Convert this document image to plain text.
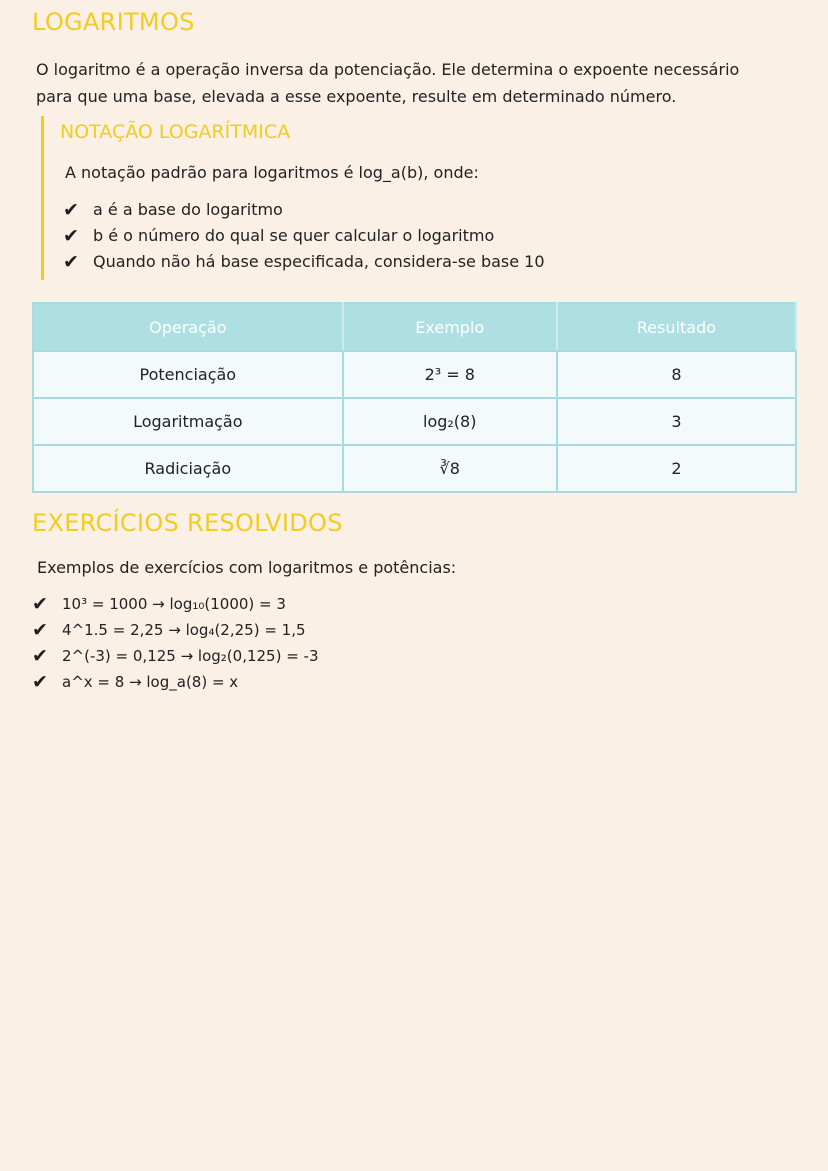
LOGARITMOS
O logaritmo é a operação inversa da potenciação. Ele determina o expoente necessário para que uma base, elevada a esse expoente, resulte em determinado número.
NOTAÇÃO LOGARÍTMICA
A notação padrão para logaritmos é log_a(b), onde:
✔ a é a base do logaritmo
✔ b é o número do qual se quer calcular o logaritmo
✔ Quando não há base especificada, considera-se base 10
Operação	Exemplo	Resultado
Potenciação	2³ = 8	8
Logaritmação	log₂(8)	3
Radiciação	∛8	2
EXERCÍCIOS RESOLVIDOS
Exemplos de exercícios com logaritmos e potências:
✔ 10³ = 1000 → log₁₀(1000) = 3
✔ 4^1.5 = 2,25 → log₄(2,25) = 1,5
✔ 2^(-3) = 0,125 → log₂(0,125) = -3
✔ a^x = 8 → log_a(8) = x
